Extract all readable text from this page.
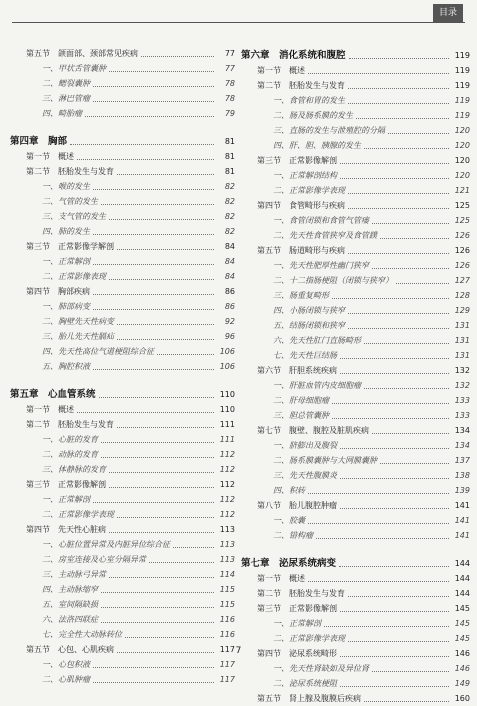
目录
第五节　颌面部、颈部常见疾病	77
一、甲状舌管囊肿	77
二、鳃裂囊肿	78
三、淋巴管瘤	78
四、畸胎瘤	79
第四章　胸部	81
第一节　概述	81
第二节　胚胎发生与发育	81
一、喉的发生	82
二、气管的发生	82
三、支气管的发生	82
四、肺的发生	82
第三节　正常影像学解剖	84
一、正常解剖	84
二、正常影像表现	84
第四节　胸部疾病	86
一、肺部病变	86
二、胸壁先天性病变	92
三、胎儿先天性膈疝	96
四、先天性高位气道梗阻综合征	106
五、胸腔积液	106
第五章　心血管系统	110
第一节　概述	110
第二节　胚胎发生与发育	111
一、心脏的发育	111
二、动脉的发育	112
三、体静脉的发育	112
第三节　正常影像解剖	112
一、正常解剖	112
二、正常影像学表现	112
第四节　先天性心脏病	113
一、心脏位置异常及内脏异位综合征	113
二、房室连接及心室分隔异常	113
三、主动脉弓异常	114
四、主动脉缩窄	115
五、室间隔缺损	115
六、法洛四联症	116
七、完全性大动脉转位	116
第五节　心包、心肌疾病	117
一、心包积液	117
二、心肌肿瘤	117
第六章　消化系统和腹腔	119
第一节　概述	119
第二节　胚胎发生与发育	119
一、食管和胃的发生	119
二、肠及肠系膜的发生	119
三、直肠的发生与泄殖腔的分隔	120
四、肝、胆、胰腺的发生	120
第三节　正常影像解剖	120
一、正常解剖结构	120
二、正常影像学表现	121
第四节　食管畸形与疾病	125
一、食管闭锁和食管气管瘘	125
二、先天性食管狭窄及食管蹼	126
第五节　肠道畸形与疾病	126
一、先天性肥厚性幽门狭窄	126
二、十二指肠梗阻（闭锁与狭窄）	127
三、肠重复畸形	128
四、小肠闭锁与狭窄	129
五、结肠闭锁和狭窄	131
六、先天性肛门直肠畸形	131
七、先天性巨结肠	131
第六节　肝胆系统疾病	132
一、肝脏血管内皮细胞瘤	132
二、肝母细胞瘤	133
三、胆总管囊肿	133
第七节　腹壁、腹腔及脏肌疾病	134
一、脐膨出及腹裂	134
二、肠系膜囊肿与大网膜囊肿	137
三、先天性腹膜炎	138
四、积转	139
第八节　胎儿腹腔肿瘤	141
一、胶囊	141
二、错构瘤	141
第七章　泌尿系统病变	144
第一节　概述	144
第二节　胚胎发生与发育	144
第三节　正常影像解剖	145
一、正常解剖	145
二、正常影像学表现	145
第四节　泌尿系统畸形	146
一、先天性肾缺如及异位肾	146
二、泌尿系统梗阻	149
第五节　肾上腺及腹膜后疾病	160
7
